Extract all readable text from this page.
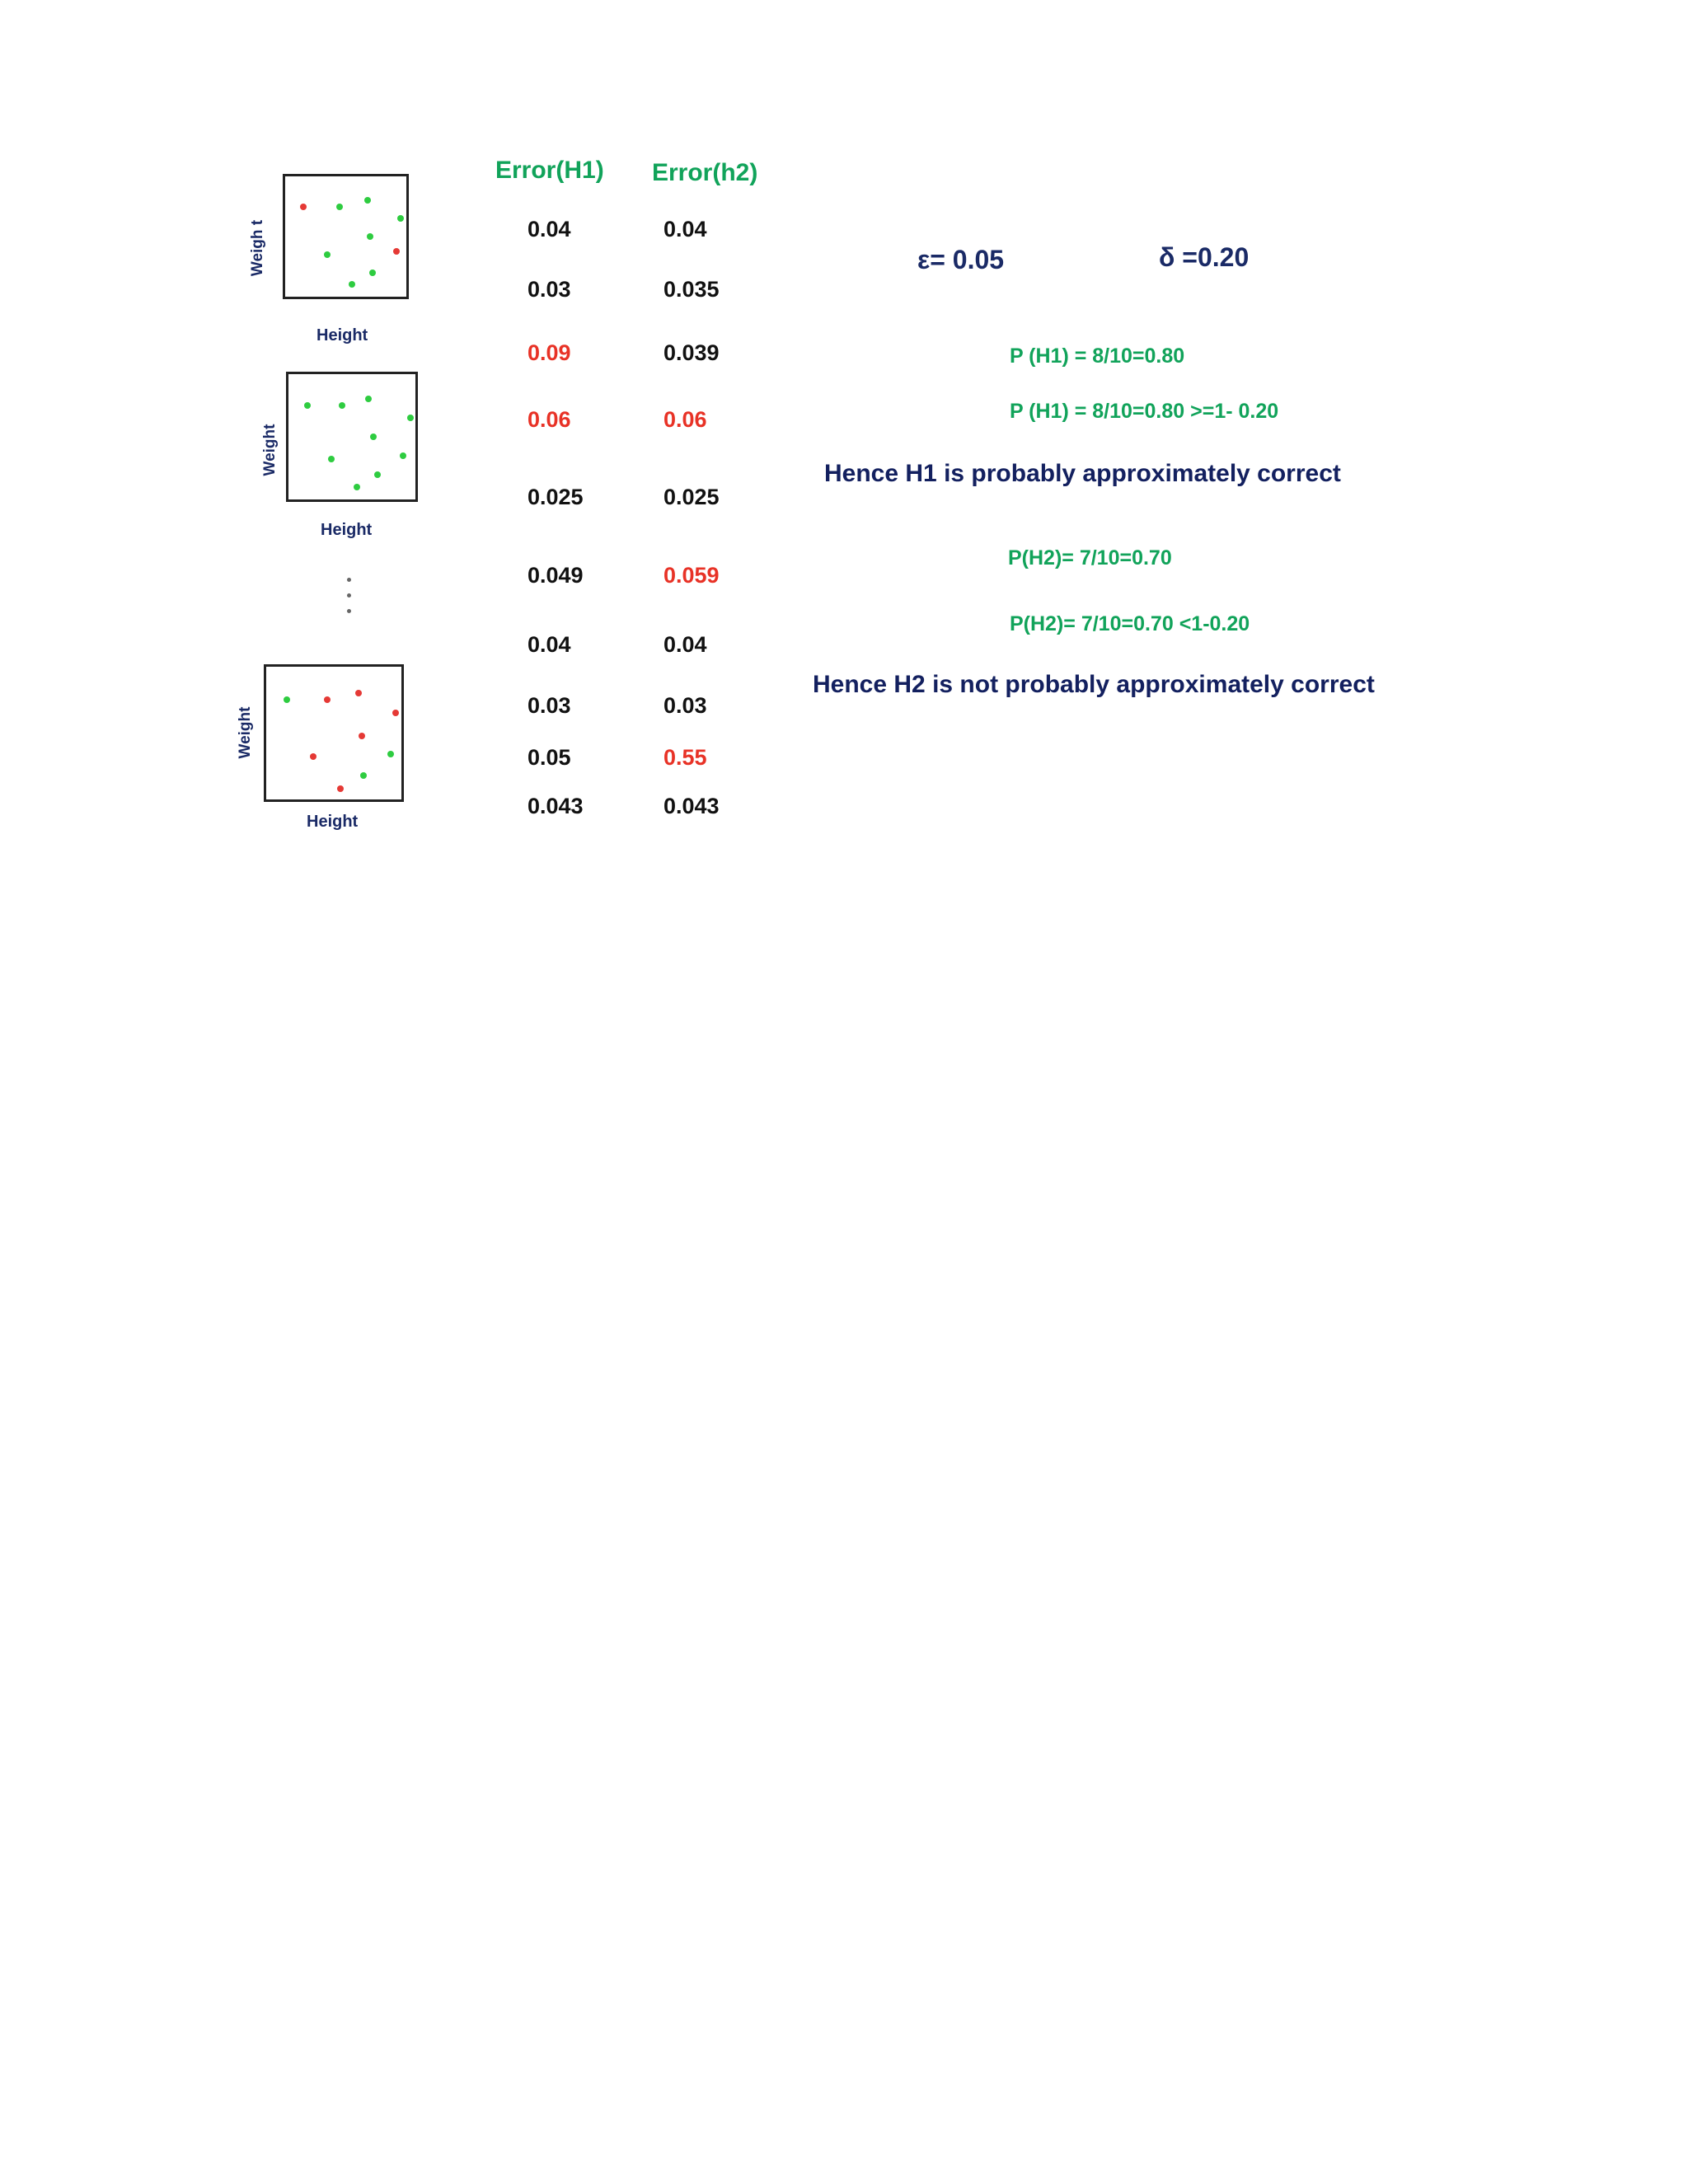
Weigh t
Height
Weight
Height
Weight
Height
Error(H1) Error(h2)
0.04	0.04
0.03	0.035
0.09	0.039
0.06	0.06
0.025	0.025
0.049	0.059
0.04	0.04
0.03	0.03
0.05	0.55
0.043	0.043
ε= 0.05	δ =0.20
P (H1) = 8/10=0.80
P (H1) = 8/10=0.80 >=1- 0.20
Hence H1 is probably approximately correct
P(H2)= 7/10=0.70
P(H2)= 7/10=0.70 <1-0.20
Hence H2 is not probably approximately correct
